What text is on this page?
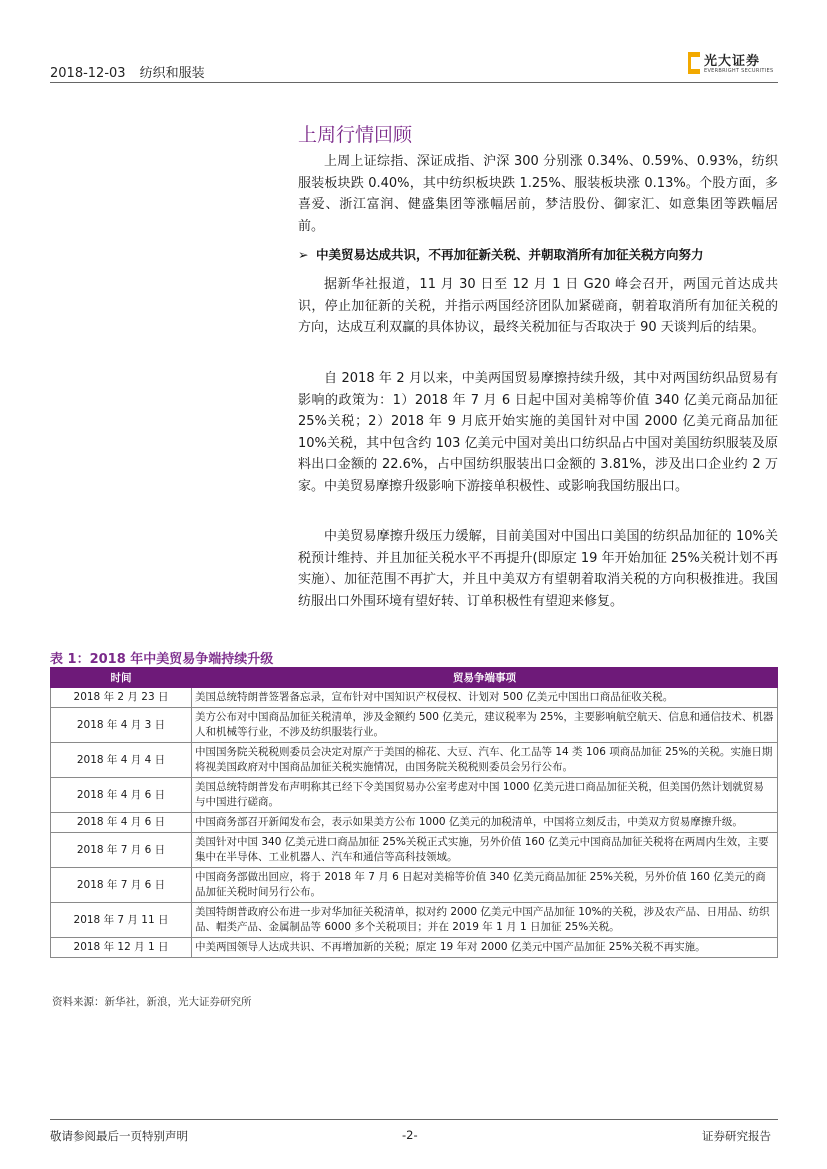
2018-12-03 纺织和服装
光大证券
EVERBRIGHT SECURITIES
上周行情回顾
上周上证综指、深证成指、沪深 300 分别涨 0.34%、0.59%、0.93%，纺织服装板块跌 0.40%，其中纺织板块跌 1.25%、服装板块涨 0.13%。个股方面，多喜爱、浙江富润、健盛集团等涨幅居前，梦洁股份、御家汇、如意集团等跌幅居前。
➢ 中美贸易达成共识，不再加征新关税、并朝取消所有加征关税方向努力
据新华社报道，11 月 30 日至 12 月 1 日 G20 峰会召开，两国元首达成共识，停止加征新的关税，并指示两国经济团队加紧磋商，朝着取消所有加征关税的方向，达成互利双赢的具体协议，最终关税加征与否取决于 90 天谈判后的结果。
自 2018 年 2 月以来，中美两国贸易摩擦持续升级，其中对两国纺织品贸易有影响的政策为：1）2018 年 7 月 6 日起中国对美棉等价值 340 亿美元商品加征 25%关税；2）2018 年 9 月底开始实施的美国针对中国 2000 亿美元商品加征 10%关税，其中包含约 103 亿美元中国对美出口纺织品占中国对美国纺织服装及原料出口金额的 22.6%，占中国纺织服装出口金额的 3.81%，涉及出口企业约 2 万家。中美贸易摩擦升级影响下游接单积极性、或影响我国纺服出口。
中美贸易摩擦升级压力缓解，目前美国对中国出口美国的纺织品加征的 10%关税预计维持、并且加征关税水平不再提升(即原定 19 年开始加征 25%关税计划不再实施）、加征范围不再扩大，并且中美双方有望朝着取消关税的方向积极推进。我国纺服出口外围环境有望好转、订单积极性有望迎来修复。
表 1：2018 年中美贸易争端持续升级
时间	贸易争端事项
2018 年 2 月 23 日	美国总统特朗普签署备忘录，宣布针对中国知识产权侵权、计划对 500 亿美元中国出口商品征收关税。
2018 年 4 月 3 日	美方公布对中国商品加征关税清单，涉及金额约 500 亿美元，建议税率为 25%，主要影响航空航天、信息和通信技术、机器人和机械等行业，不涉及纺织服装行业。
2018 年 4 月 4 日	中国国务院关税税则委员会决定对原产于美国的棉花、大豆、汽车、化工品等 14 类 106 项商品加征 25%的关税。实施日期将视美国政府对中国商品加征关税实施情况，由国务院关税税则委员会另行公布。
2018 年 4 月 6 日	美国总统特朗普发布声明称其已经下令美国贸易办公室考虑对中国 1000 亿美元进口商品加征关税，但美国仍然计划就贸易与中国进行磋商。
2018 年 4 月 6 日	中国商务部召开新闻发布会，表示如果美方公布 1000 亿美元的加税清单，中国将立刻反击，中美双方贸易摩擦升级。
2018 年 7 月 6 日	美国针对中国 340 亿美元进口商品加征 25%关税正式实施，另外价值 160 亿美元中国商品加征关税将在两周内生效，主要集中在半导体、工业机器人、汽车和通信等高科技领域。
2018 年 7 月 6 日	中国商务部做出回应，将于 2018 年 7 月 6 日起对美棉等价值 340 亿美元商品加征 25%关税，另外价值 160 亿美元的商品加征关税时间另行公布。
2018 年 7 月 11 日	美国特朗普政府公布进一步对华加征关税清单，拟对约 2000 亿美元中国产品加征 10%的关税，涉及农产品、日用品、纺织品、帽类产品、金属制品等 6000 多个关税项目；并在 2019 年 1 月 1 日加征 25%关税。
2018 年 12 月 1 日	中美两国领导人达成共识、不再增加新的关税；原定 19 年对 2000 亿美元中国产品加征 25%关税不再实施。
资料来源：新华社，新浪，光大证券研究所
敬请参阅最后一页特别声明	-2-	证券研究报告
